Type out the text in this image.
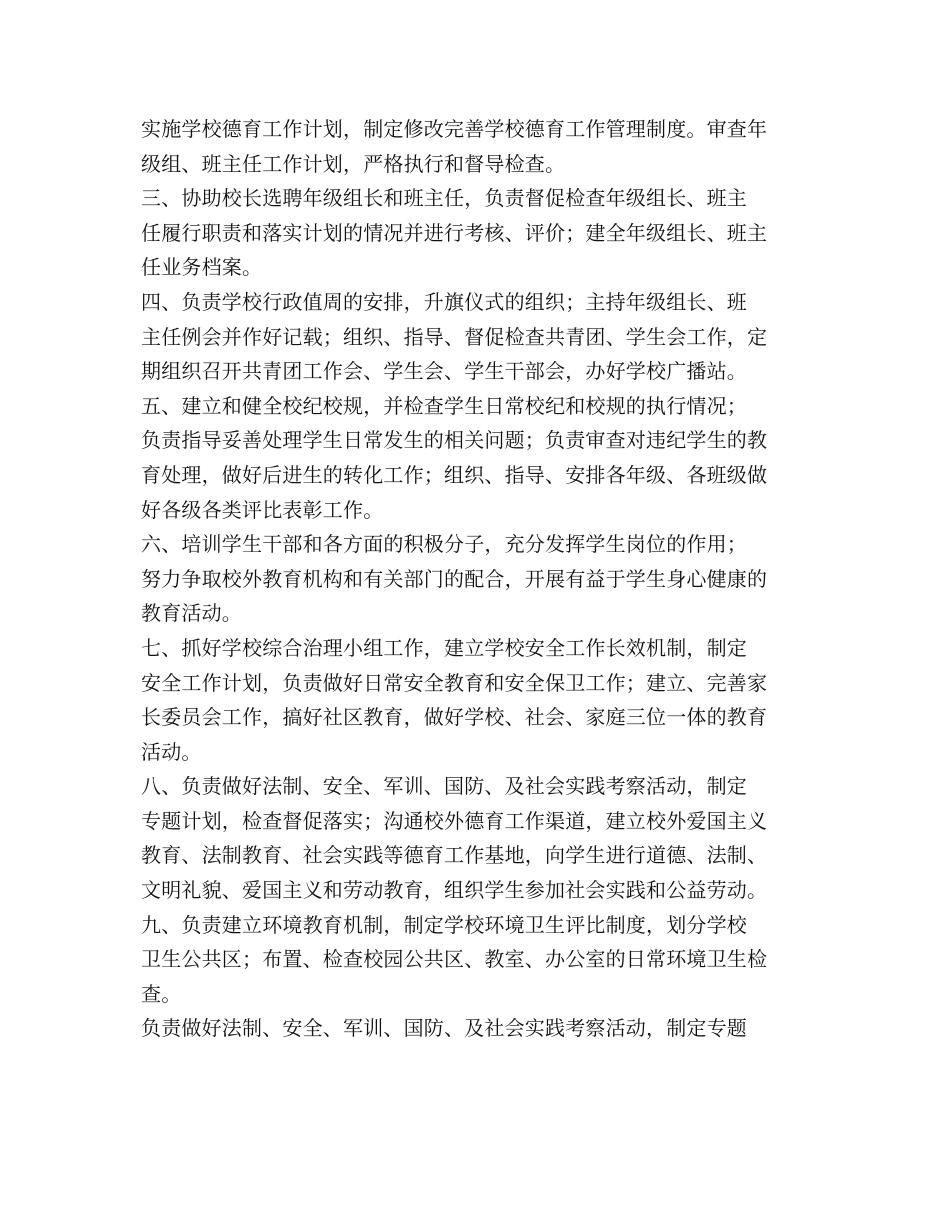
实施学校德育工作计划，制定修改完善学校德育工作管理制度。审查年
级组、班主任工作计划，严格执行和督导检查。
三、协助校长选聘年级组长和班主任，负责督促检查年级组长、班主
任履行职责和落实计划的情况并进行考核、评价；建全年级组长、班主
任业务档案。
四、负责学校行政值周的安排，升旗仪式的组织；主持年级组长、班
主任例会并作好记载；组织、指导、督促检查共青团、学生会工作，定
期组织召开共青团工作会、学生会、学生干部会，办好学校广播站。
五、建立和健全校纪校规，并检查学生日常校纪和校规的执行情况；
负责指导妥善处理学生日常发生的相关问题；负责审查对违纪学生的教
育处理，做好后进生的转化工作；组织、指导、安排各年级、各班级做
好各级各类评比表彰工作。
六、培训学生干部和各方面的积极分子，充分发挥学生岗位的作用；
努力争取校外教育机构和有关部门的配合，开展有益于学生身心健康的
教育活动。
七、抓好学校综合治理小组工作，建立学校安全工作长效机制，制定
安全工作计划，负责做好日常安全教育和安全保卫工作；建立、完善家
长委员会工作，搞好社区教育，做好学校、社会、家庭三位一体的教育
活动。
八、负责做好法制、安全、军训、国防、及社会实践考察活动，制定
专题计划，检查督促落实；沟通校外德育工作渠道，建立校外爱国主义
教育、法制教育、社会实践等德育工作基地，向学生进行道德、法制、
文明礼貌、爱国主义和劳动教育，组织学生参加社会实践和公益劳动。
九、负责建立环境教育机制，制定学校环境卫生评比制度，划分学校
卫生公共区；布置、检查校园公共区、教室、办公室的日常环境卫生检
查。
负责做好法制、安全、军训、国防、及社会实践考察活动，制定专题
